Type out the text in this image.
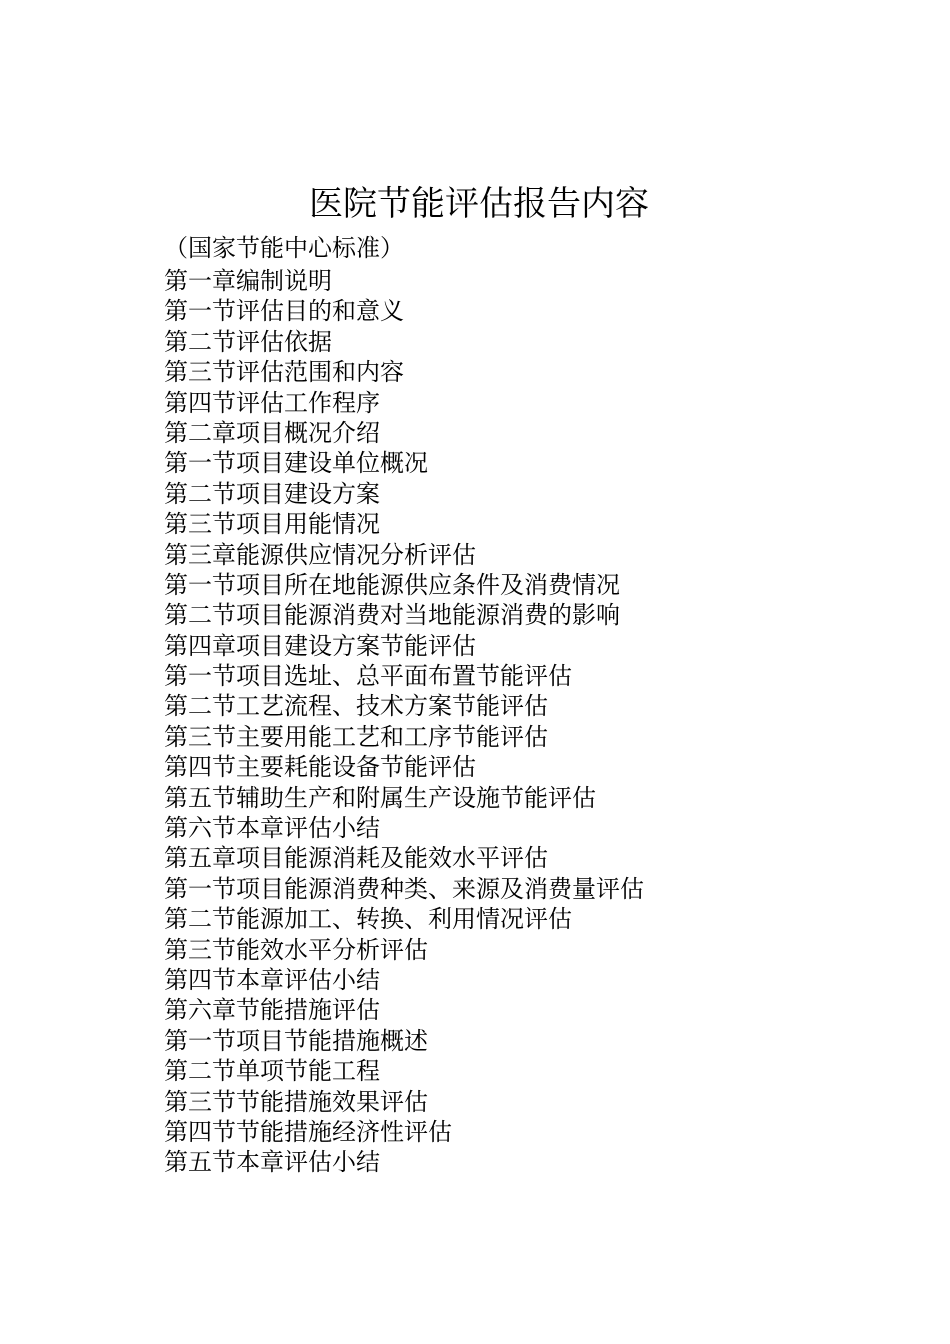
医院节能评估报告内容
（国家节能中心标准）
第一章编制说明
第一节评估目的和意义
第二节评估依据
第三节评估范围和内容
第四节评估工作程序
第二章项目概况介绍
第一节项目建设单位概况
第二节项目建设方案
第三节项目用能情况
第三章能源供应情况分析评估
第一节项目所在地能源供应条件及消费情况
第二节项目能源消费对当地能源消费的影响
第四章项目建设方案节能评估
第一节项目选址、总平面布置节能评估
第二节工艺流程、技术方案节能评估
第三节主要用能工艺和工序节能评估
第四节主要耗能设备节能评估
第五节辅助生产和附属生产设施节能评估
第六节本章评估小结
第五章项目能源消耗及能效水平评估
第一节项目能源消费种类、来源及消费量评估
第二节能源加工、转换、利用情况评估
第三节能效水平分析评估
第四节本章评估小结
第六章节能措施评估
第一节项目节能措施概述
第二节单项节能工程
第三节节能措施效果评估
第四节节能措施经济性评估
第五节本章评估小结
